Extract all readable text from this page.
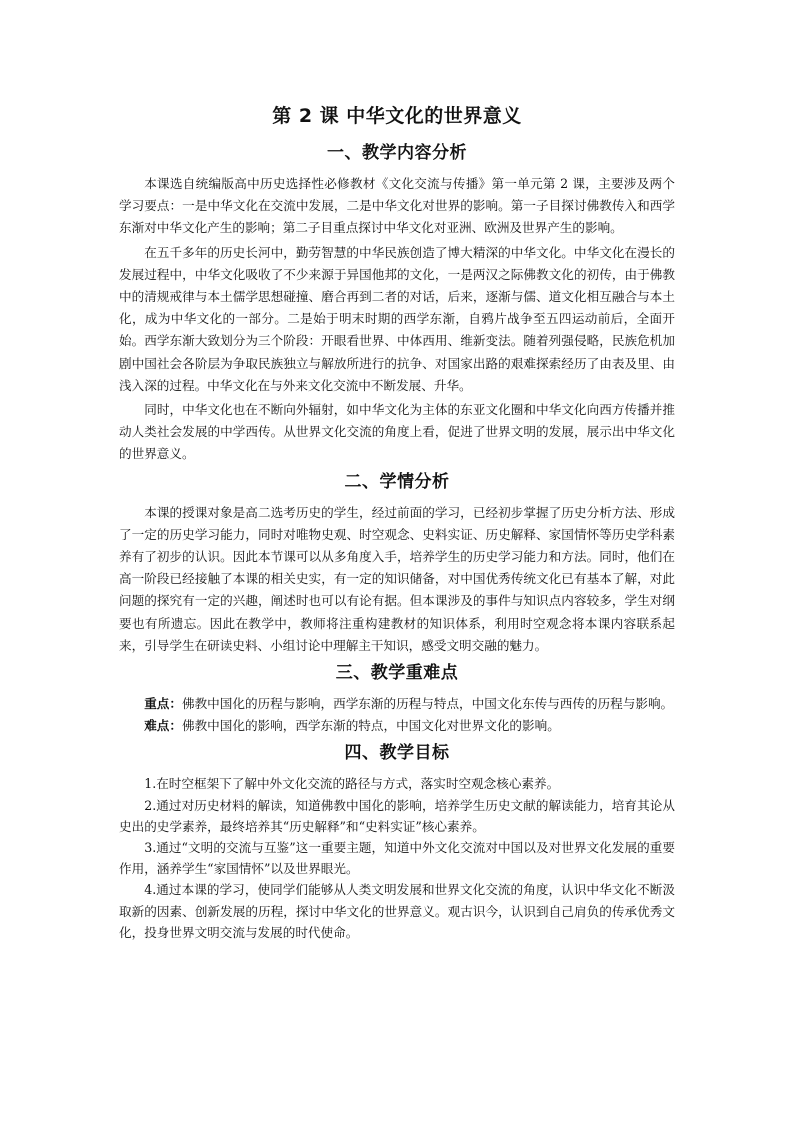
第 2 课 中华文化的世界意义
一、教学内容分析

本课选自统编版高中历史选择性必修教材《文化交流与传播》第一单元第 2 课，主要涉及两个学习要点：一是中华文化在交流中发展，二是中华文化对世界的影响。第一子目探讨佛教传入和西学东渐对中华文化产生的影响；第二子目重点探讨中华文化对亚洲、欧洲及世界产生的影响。

在五千多年的历史长河中，勤劳智慧的中华民族创造了博大精深的中华文化。中华文化在漫长的发展过程中，中华文化吸收了不少来源于异国他邦的文化，一是两汉之际佛教文化的初传，由于佛教中的清规戒律与本土儒学思想碰撞、磨合再到二者的对话，后来，逐渐与儒、道文化相互融合与本土化，成为中华文化的一部分。二是始于明末时期的西学东渐，自鸦片战争至五四运动前后，全面开始。西学东渐大致划分为三个阶段：开眼看世界、中体西用、维新变法。随着列强侵略，民族危机加剧中国社会各阶层为争取民族独立与解放所进行的抗争、对国家出路的艰难探索经历了由表及里、由浅入深的过程。中华文化在与外来文化交流中不断发展、升华。

同时，中华文化也在不断向外辐射，如中华文化为主体的东亚文化圈和中华文化向西方传播并推动人类社会发展的中学西传。从世界文化交流的角度上看，促进了世界文明的发展，展示出中华文化的世界意义。

二、学情分析

本课的授课对象是高二选考历史的学生，经过前面的学习，已经初步掌握了历史分析方法、形成了一定的历史学习能力，同时对唯物史观、时空观念、史料实证、历史解释、家国情怀等历史学科素养有了初步的认识。因此本节课可以从多角度入手，培养学生的历史学习能力和方法。同时，他们在高一阶段已经接触了本课的相关史实，有一定的知识储备，对中国优秀传统文化已有基本了解，对此问题的探究有一定的兴趣，阐述时也可以有论有据。但本课涉及的事件与知识点内容较多，学生对纲要也有所遗忘。因此在教学中，教师将注重构建教材的知识体系，利用时空观念将本课内容联系起来，引导学生在研读史料、小组讨论中理解主干知识，感受文明交融的魅力。

三、教学重难点

重点：佛教中国化的历程与影响，西学东渐的历程与特点，中国文化东传与西传的历程与影响。

难点：佛教中国化的影响，西学东渐的特点，中国文化对世界文化的影响。

四、教学目标

1.在时空框架下了解中外文化交流的路径与方式，落实时空观念核心素养。

2.通过对历史材料的解读，知道佛教中国化的影响，培养学生历史文献的解读能力，培育其论从史出的史学素养，最终培养其“历史解释”和“史料实证”核心素养。

3.通过“文明的交流与互鉴”这一重要主题，知道中外文化交流对中国以及对世界文化发展的重要作用，涵养学生“家国情怀”以及世界眼光。

4.通过本课的学习，使同学们能够从人类文明发展和世界文化交流的角度，认识中华文化不断汲取新的因素、创新发展的历程，探讨中华文化的世界意义。观古识今，认识到自己肩负的传承优秀文化，投身世界文明交流与发展的时代使命。
